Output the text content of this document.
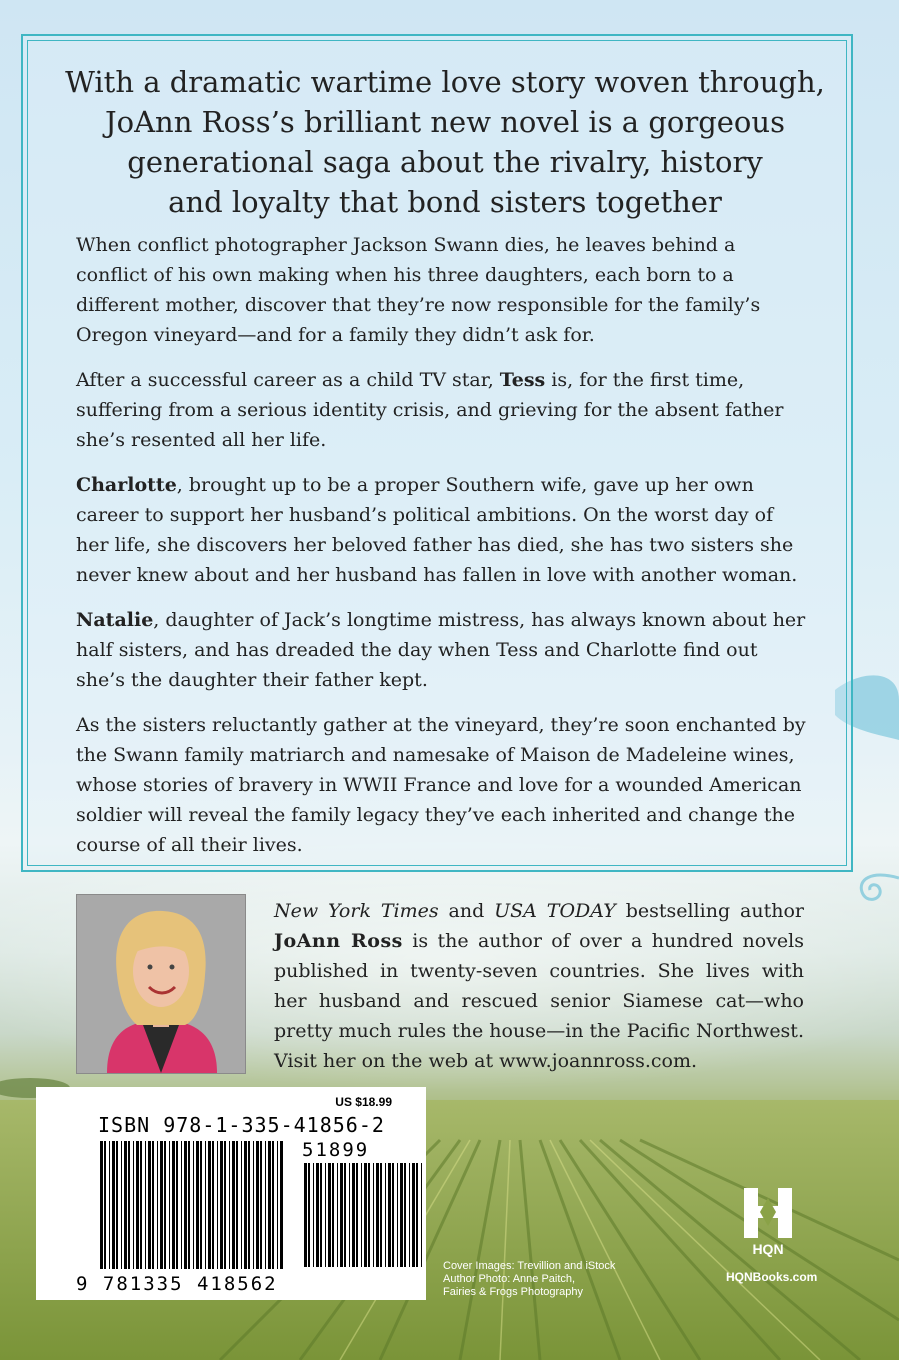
With a dramatic wartime love story woven through,
JoAnn Ross’s brilliant new novel is a gorgeous
generational saga about the rivalry, history
and loyalty that bond sisters together

When conflict photographer Jackson Swann dies, he leaves behind a conflict of his own making when his three daughters, each born to a different mother, discover that they’re now responsible for the family’s Oregon vineyard—and for a family they didn’t ask for.

After a successful career as a child TV star, Tess is, for the first time, suffering from a serious identity crisis, and grieving for the absent father she’s resented all her life.

Charlotte, brought up to be a proper Southern wife, gave up her own career to support her husband’s political ambitions. On the worst day of her life, she discovers her beloved father has died, she has two sisters she never knew about and her husband has fallen in love with another woman.

Natalie, daughter of Jack’s longtime mistress, has always known about her half sisters, and has dreaded the day when Tess and Charlotte find out she’s the daughter their father kept.

As the sisters reluctantly gather at the vineyard, they’re soon enchanted by the Swann family matriarch and namesake of Maison de Madeleine wines, whose stories of bravery in WWII France and love for a wounded American soldier will reveal the family legacy they’ve each inherited and change the course of all their lives.

New York Times and USA TODAY bestselling author JoAnn Ross is the author of over a hundred novels published in twenty-seven countries. She lives with her husband and rescued senior Siamese cat—who pretty much rules the house—in the Pacific Northwest. Visit her on the web at www.joannross.com.
US $18.99
ISBN 978-1-335-41856-2
51899
9 781335 418562
Cover Images: Trevillion and iStock
Author Photo: Anne Paitch,
Fairies & Frogs Photography
HQN
HQNBooks.com
